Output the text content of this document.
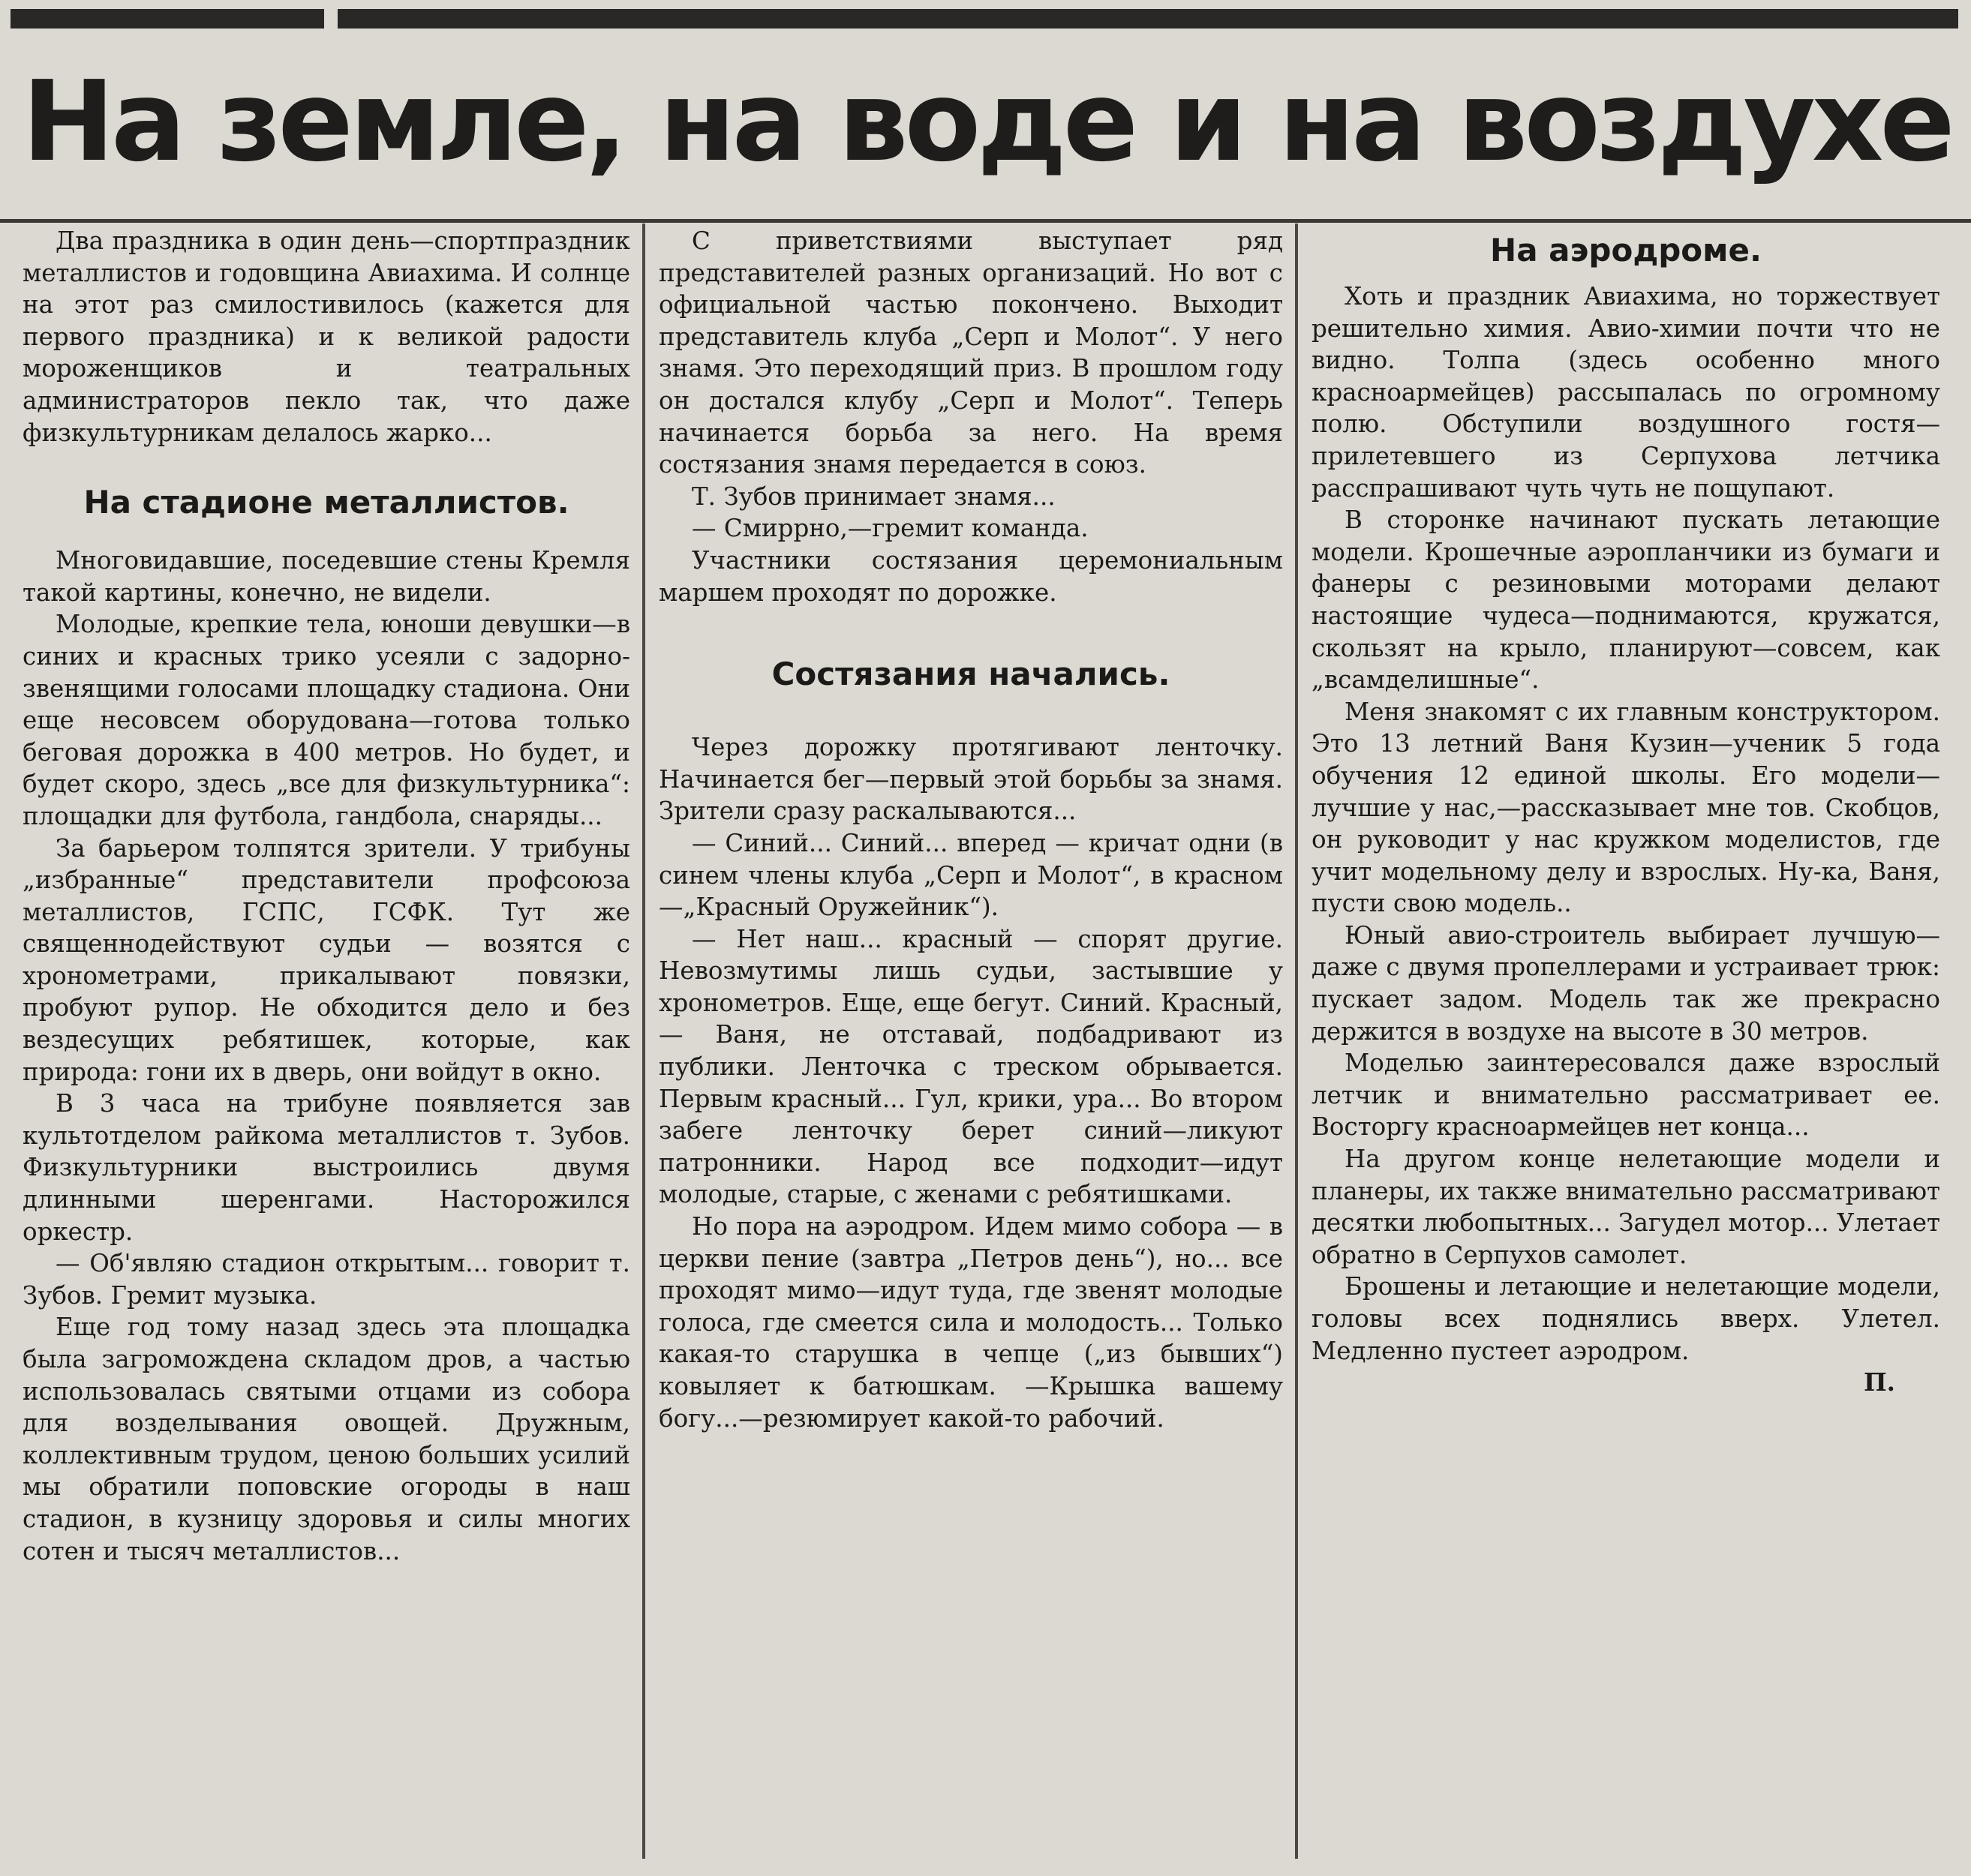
На земле, на воде и на воздухе

Два праздника в один день—спортпраздник металлистов и годовщина Авиахима. И солнце на этот раз смилостивилось (кажется для первого праздника) и к великой радости мороженщиков и театральных администраторов пекло так, что даже физкультурникам делалось жарко...

На стадионе металлистов.

Многовидавшие, поседевшие стены Кремля такой картины, конечно, не видели.

Молодые, крепкие тела, юноши девушки—в синих и красных трико усеяли с задорно-звенящими голосами площадку стадиона. Они еще несовсем оборудована—готова только беговая дорожка в 400 метров. Но будет, и будет скоро, здесь „все для физкультурника“: площадки для футбола, гандбола, снаряды...

За барьером толпятся зрители. У трибуны „избранные“ представители профсоюза металлистов, ГСПС, ГСФК. Тут же священнодействуют судьи — возятся с хронометрами, прикалывают повязки, пробуют рупор. Не обходится дело и без вездесущих ребятишек, которые, как природа: гони их в дверь, они войдут в окно.

В 3 часа на трибуне появляется зав культотделом райкома металлистов т. Зубов. Физкультурники выстроились двумя длинными шеренгами. Насторожился оркестр.

— Об'являю стадион открытым... говорит т. Зубов. Гремит музыка.

Еще год тому назад здесь эта площадка была загромождена складом дров, а частью использовалась святыми отцами из собора для возделывания овощей. Дружным, коллективным трудом, ценою больших усилий мы обратили поповские огороды в наш стадион, в кузницу здоровья и силы многих сотен и тысяч металлистов...

С приветствиями выступает ряд представителей разных организаций. Но вот с официальной частью покончено. Выходит представитель клуба „Серп и Молот“. У него знамя. Это переходящий приз. В прошлом году он достался клубу „Серп и Молот“. Теперь начинается борьба за него. На время состязания знамя передается в союз.

Т. Зубов принимает знамя...

— Смиррно,—гремит команда.

Участники состязания церемониальным маршем проходят по дорожке.

Состязания начались.

Через дорожку протягивают ленточку. Начинается бег—первый этой борьбы за знамя. Зрители сразу раскалываются...

— Синий... Синий... вперед — кричат одни (в синем члены клуба „Серп и Молот“, в красном—„Красный Оружейник“).

— Нет наш... красный — спорят другие. Невозмутимы лишь судьи, застывшие у хронометров. Еще, еще бегут. Синий. Красный, — Ваня, не отставай, подбадривают из публики. Ленточка с треском обрывается. Первым красный... Гул, крики, ура... Во втором забеге ленточку берет синий—ликуют патронники. Народ все подходит—идут молодые, старые, с женами с ребятишками.

Но пора на аэродром. Идем мимо собора — в церкви пение (завтра „Петров день“), но... все проходят мимо—идут туда, где звенят молодые голоса, где смеется сила и молодость... Только какая-то старушка в чепце („из бывших“) ковыляет к батюшкам. —Крышка вашему богу...—резюмирует какой-то рабочий.

На аэродроме.

Хоть и праздник Авиахима, но торжествует решительно химия. Авио-химии почти что не видно. Толпа (здесь особенно много красноармейцев) рассыпалась по огромному полю. Обступили воздушного гостя—прилетевшего из Серпухова летчика расспрашивают чуть чуть не пощупают.

В сторонке начинают пускать летающие модели. Крошечные аэропланчики из бумаги и фанеры с резиновыми моторами делают настоящие чудеса—поднимаются, кружатся, скользят на крыло, планируют—совсем, как „всамделишные“.

Меня знакомят с их главным конструктором. Это 13 летний Ваня Кузин—ученик 5 года обучения 12 единой школы. Его модели—лучшие у нас,—рассказывает мне тов. Скобцов, он руководит у нас кружком моделистов, где учит модельному делу и взрослых. Ну-ка, Ваня, пусти свою модель..

Юный авио-строитель выбирает лучшую—даже с двумя пропеллерами и устраивает трюк: пускает задом. Модель так же прекрасно держится в воздухе на высоте в 30 метров.

Моделью заинтересовался даже взрослый летчик и внимательно рассматривает ее. Восторгу красноармейцев нет конца...

На другом конце нелетающие модели и планеры, их также внимательно рассматривают десятки любопытных... Загудел мотор... Улетает обратно в Серпухов самолет.

Брошены и летающие и нелетающие модели, головы всех поднялись вверх. Улетел. Медленно пустеет аэродром.

П.
